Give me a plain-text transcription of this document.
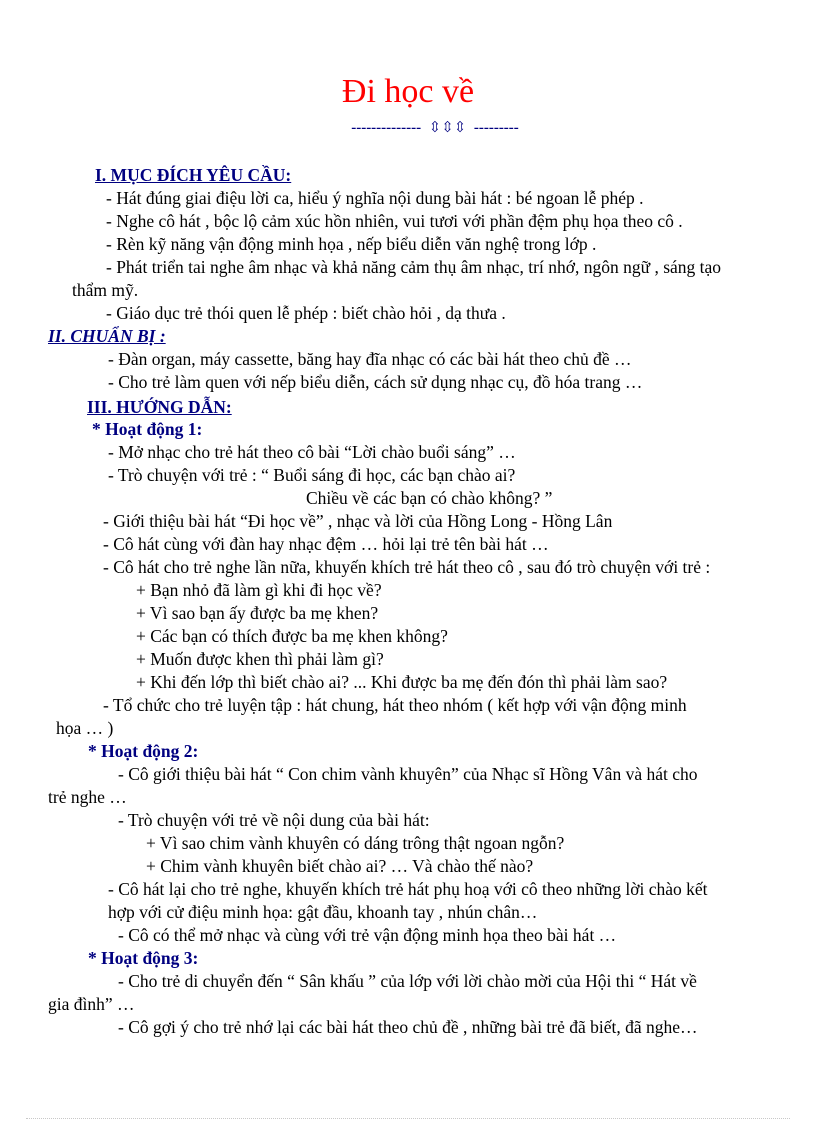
Đi học về
--------------  ⇳⇳⇳  ---------
I. MỤC ĐÍCH YÊU CẦU:
- Hát đúng giai điệu lời ca, hiểu ý nghĩa nội dung bài hát : bé ngoan lễ phép .
- Nghe cô hát , bộc lộ cảm xúc hồn nhiên, vui tươi với phần đệm phụ họa theo cô .
- Rèn kỹ năng vận động minh họa , nếp biểu diễn văn nghệ trong lớp .
- Phát triển tai nghe âm nhạc và khả năng cảm thụ âm nhạc, trí nhớ, ngôn ngữ , sáng tạo
thẩm mỹ.
- Giáo dục trẻ thói quen lễ phép : biết chào hỏi , dạ thưa .
II. CHUẨN BỊ :
- Đàn organ, máy cassette, băng hay đĩa nhạc có các bài hát theo chủ đề …
- Cho trẻ làm quen với nếp biểu diễn, cách sử dụng nhạc cụ, đồ hóa trang …
III. HƯỚNG DẪN:
* Hoạt động 1:
- Mở nhạc cho trẻ hát theo cô bài “Lời chào buổi sáng” …
- Trò chuyện với trẻ : “ Buổi sáng đi học, các bạn chào ai?
Chiều về các bạn có chào không? ”
- Giới thiệu bài hát “Đi học về” , nhạc và lời của Hồng Long - Hồng Lân
- Cô hát cùng với đàn hay nhạc đệm … hỏi lại trẻ tên bài hát …
- Cô hát cho trẻ nghe lần nữa, khuyến khích trẻ hát theo cô , sau đó trò chuyện với trẻ :
+ Bạn nhỏ đã làm gì khi đi học về?
+ Vì sao bạn ấy được ba mẹ khen?
+ Các bạn có thích được ba mẹ khen không?
+ Muốn được khen thì phải làm gì?
+ Khi đến lớp thì biết chào ai? ... Khi được ba mẹ đến đón thì phải làm sao?
- Tổ chức cho trẻ luyện tập : hát chung, hát theo nhóm ( kết hợp với vận động minh
họa … )
* Hoạt động 2:
- Cô giới thiệu bài hát “ Con chim vành khuyên” của Nhạc sĩ Hồng Vân và hát cho
trẻ nghe …
- Trò chuyện với trẻ về nội dung của bài hát:
+ Vì sao chim vành khuyên có dáng trông thật ngoan ngỗn?
+ Chim vành khuyên biết chào ai? … Và chào thế nào?
- Cô hát lại cho trẻ nghe, khuyến khích trẻ hát phụ hoạ với cô theo những lời chào kết
hợp với cử điệu minh họa: gật đầu, khoanh tay , nhún chân…
- Cô có thể mở nhạc và cùng với trẻ vận động minh họa theo bài hát …
* Hoạt động 3:
- Cho trẻ di chuyển đến “ Sân khấu ” của lớp với lời chào mời của Hội thi “ Hát về
gia đình” …
- Cô gợi ý cho trẻ nhớ lại các bài hát theo chủ đề , những bài trẻ đã biết, đã nghe…
